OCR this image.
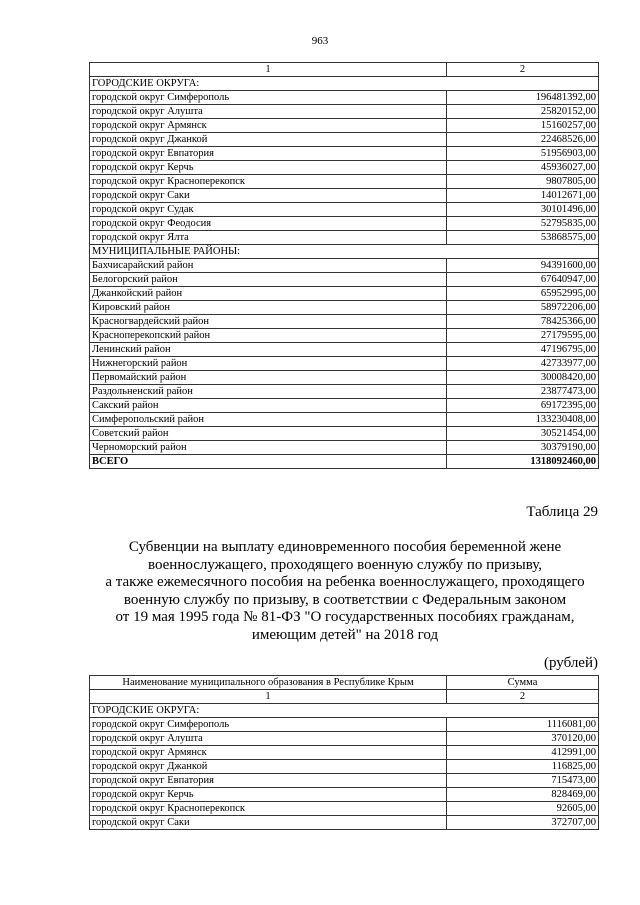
963
1	2
ГОРОДСКИЕ ОКРУГА:	
городской округ Симферополь	196481392,00
городской округ Алушта	25820152,00
городской округ Армянск	15160257,00
городской округ Джанкой	22468526,00
городской округ Евпатория	51956903,00
городской округ Керчь	45936027,00
городской округ Красноперекопск	9807805,00
городской округ Саки	14012671,00
городской округ Судак	30101496,00
городской округ Феодосия	52795835,00
городской округ Ялта	53868575,00
МУНИЦИПАЛЬНЫЕ РАЙОНЫ:	
Бахчисарайский район	94391600,00
Белогорский район	67640947,00
Джанкойский район	65952995,00
Кировский район	58972206,00
Красногвардейский район	78425366,00
Красноперекопский район	27179595,00
Ленинский район	47196795,00
Нижнегорский район	42733977,00
Первомайский район	30008420,00
Раздольненский район	23877473,00
Сакский район	69172395,00
Симферопольский район	133230408,00
Советский район	30521454,00
Черноморский район	30379190,00
ВСЕГО	1318092460,00
Таблица 29
Субвенции на выплату единовременного пособия беременной жене
военнослужащего, проходящего военную службу по призыву,
а также ежемесячного пособия на ребенка военнослужащего, проходящего
военную службу по призыву, в соответствии с Федеральным законом
от 19 мая 1995 года № 81-ФЗ "О государственных пособиях гражданам,
имеющим детей" на 2018 год
(рублей)
Наименование муниципального образования в Республике Крым	Сумма
1	2
ГОРОДСКИЕ ОКРУГА:	
городской округ Симферополь	1116081,00
городской округ Алушта	370120,00
городской округ Армянск	412991,00
городской округ Джанкой	116825,00
городской округ Евпатория	715473,00
городской округ Керчь	828469,00
городской округ Красноперекопск	92605,00
городской округ Саки	372707,00
